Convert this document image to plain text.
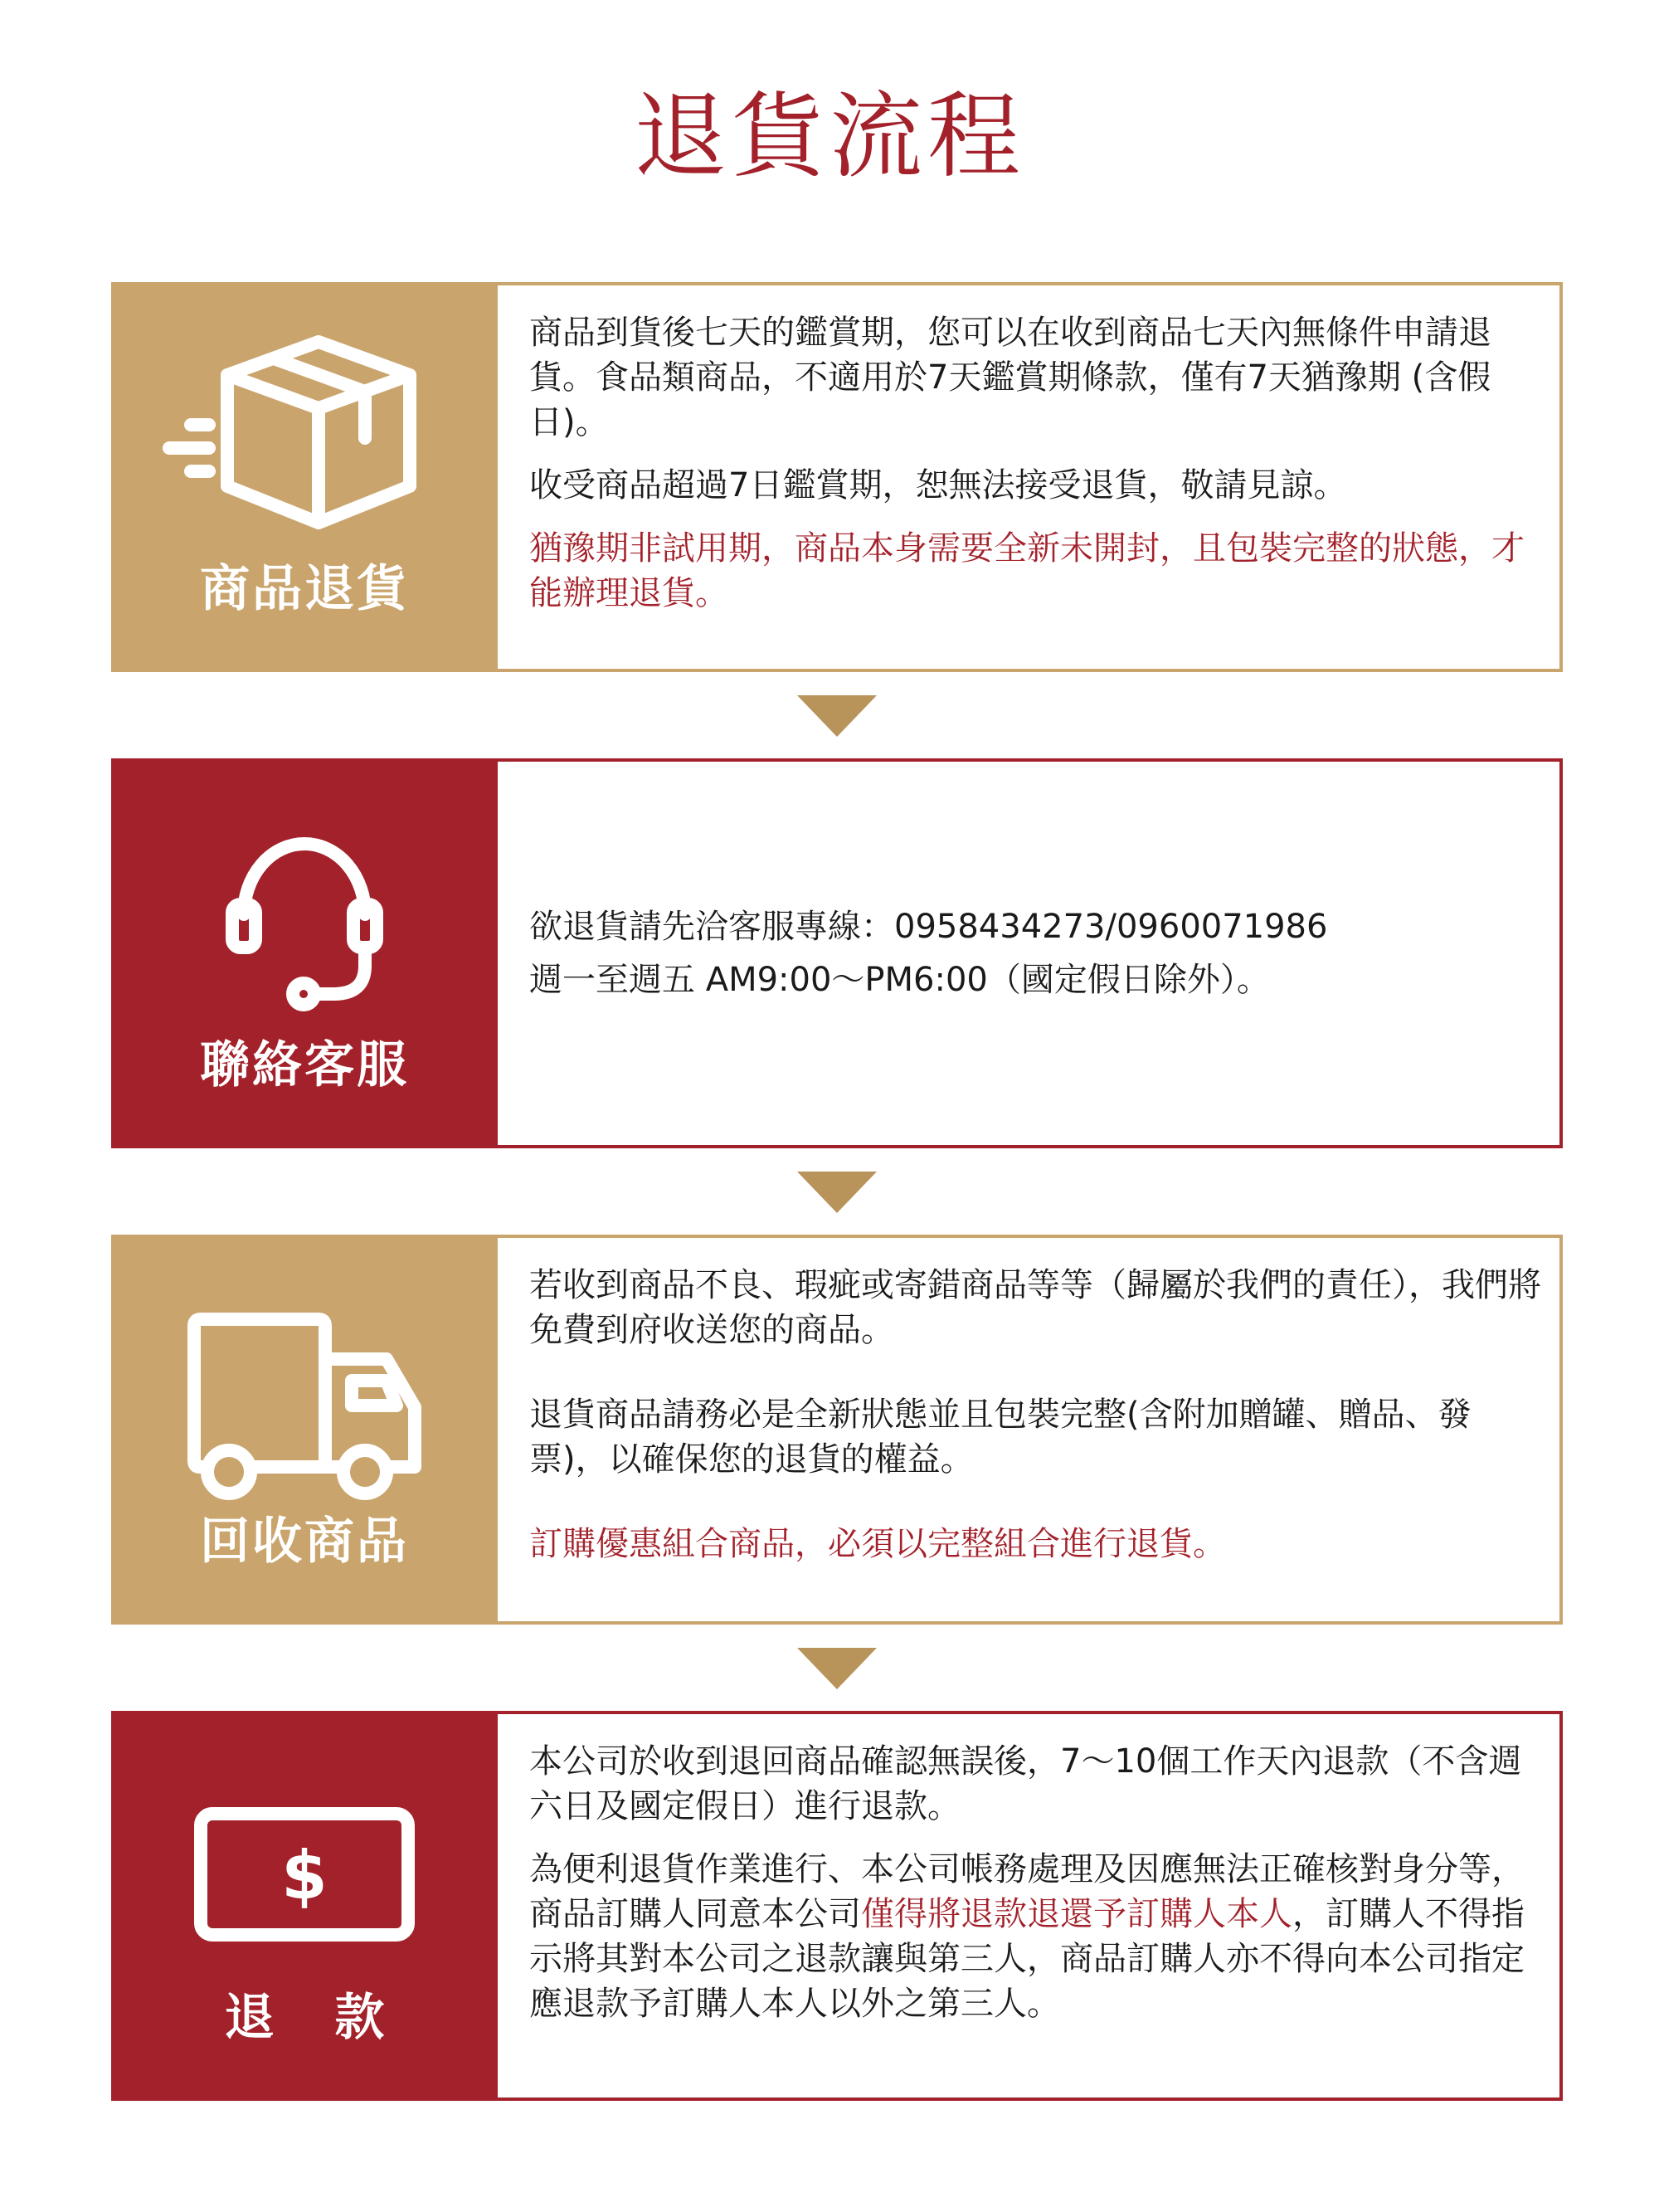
退貨流程
商品退貨

商品到貨後七天的鑑賞期，您可以在收到商品七天內無條件申請退貨。食品類商品，不適用於7天鑑賞期條款，僅有7天猶豫期 (含假日)。

收受商品超過7日鑑賞期，恕無法接受退貨，敬請見諒。

猶豫期非試用期，商品本身需要全新未開封，且包裝完整的狀態，才能辦理退貨。

聯絡客服

欲退貨請先洽客服專線：0958434273/0960071986

週一至週五 AM9:00～PM6:00（國定假日除外）。

回收商品

若收到商品不良、瑕疵或寄錯商品等等（歸屬於我們的責任），我們將免費到府收送您的商品。

退貨商品請務必是全新狀態並且包裝完整(含附加贈罐、贈品、發票)，以確保您的退貨的權益。

訂購優惠組合商品，必須以完整組合進行退貨。

$
退 款

本公司於收到退回商品確認無誤後，7～10個工作天內退款（不含週六日及國定假日）進行退款。

為便利退貨作業進行、本公司帳務處理及因應無法正確核對身分等，商品訂購人同意本公司僅得將退款退還予訂購人本人，訂購人不得指示將其對本公司之退款讓與第三人，商品訂購人亦不得向本公司指定應退款予訂購人本人以外之第三人。
